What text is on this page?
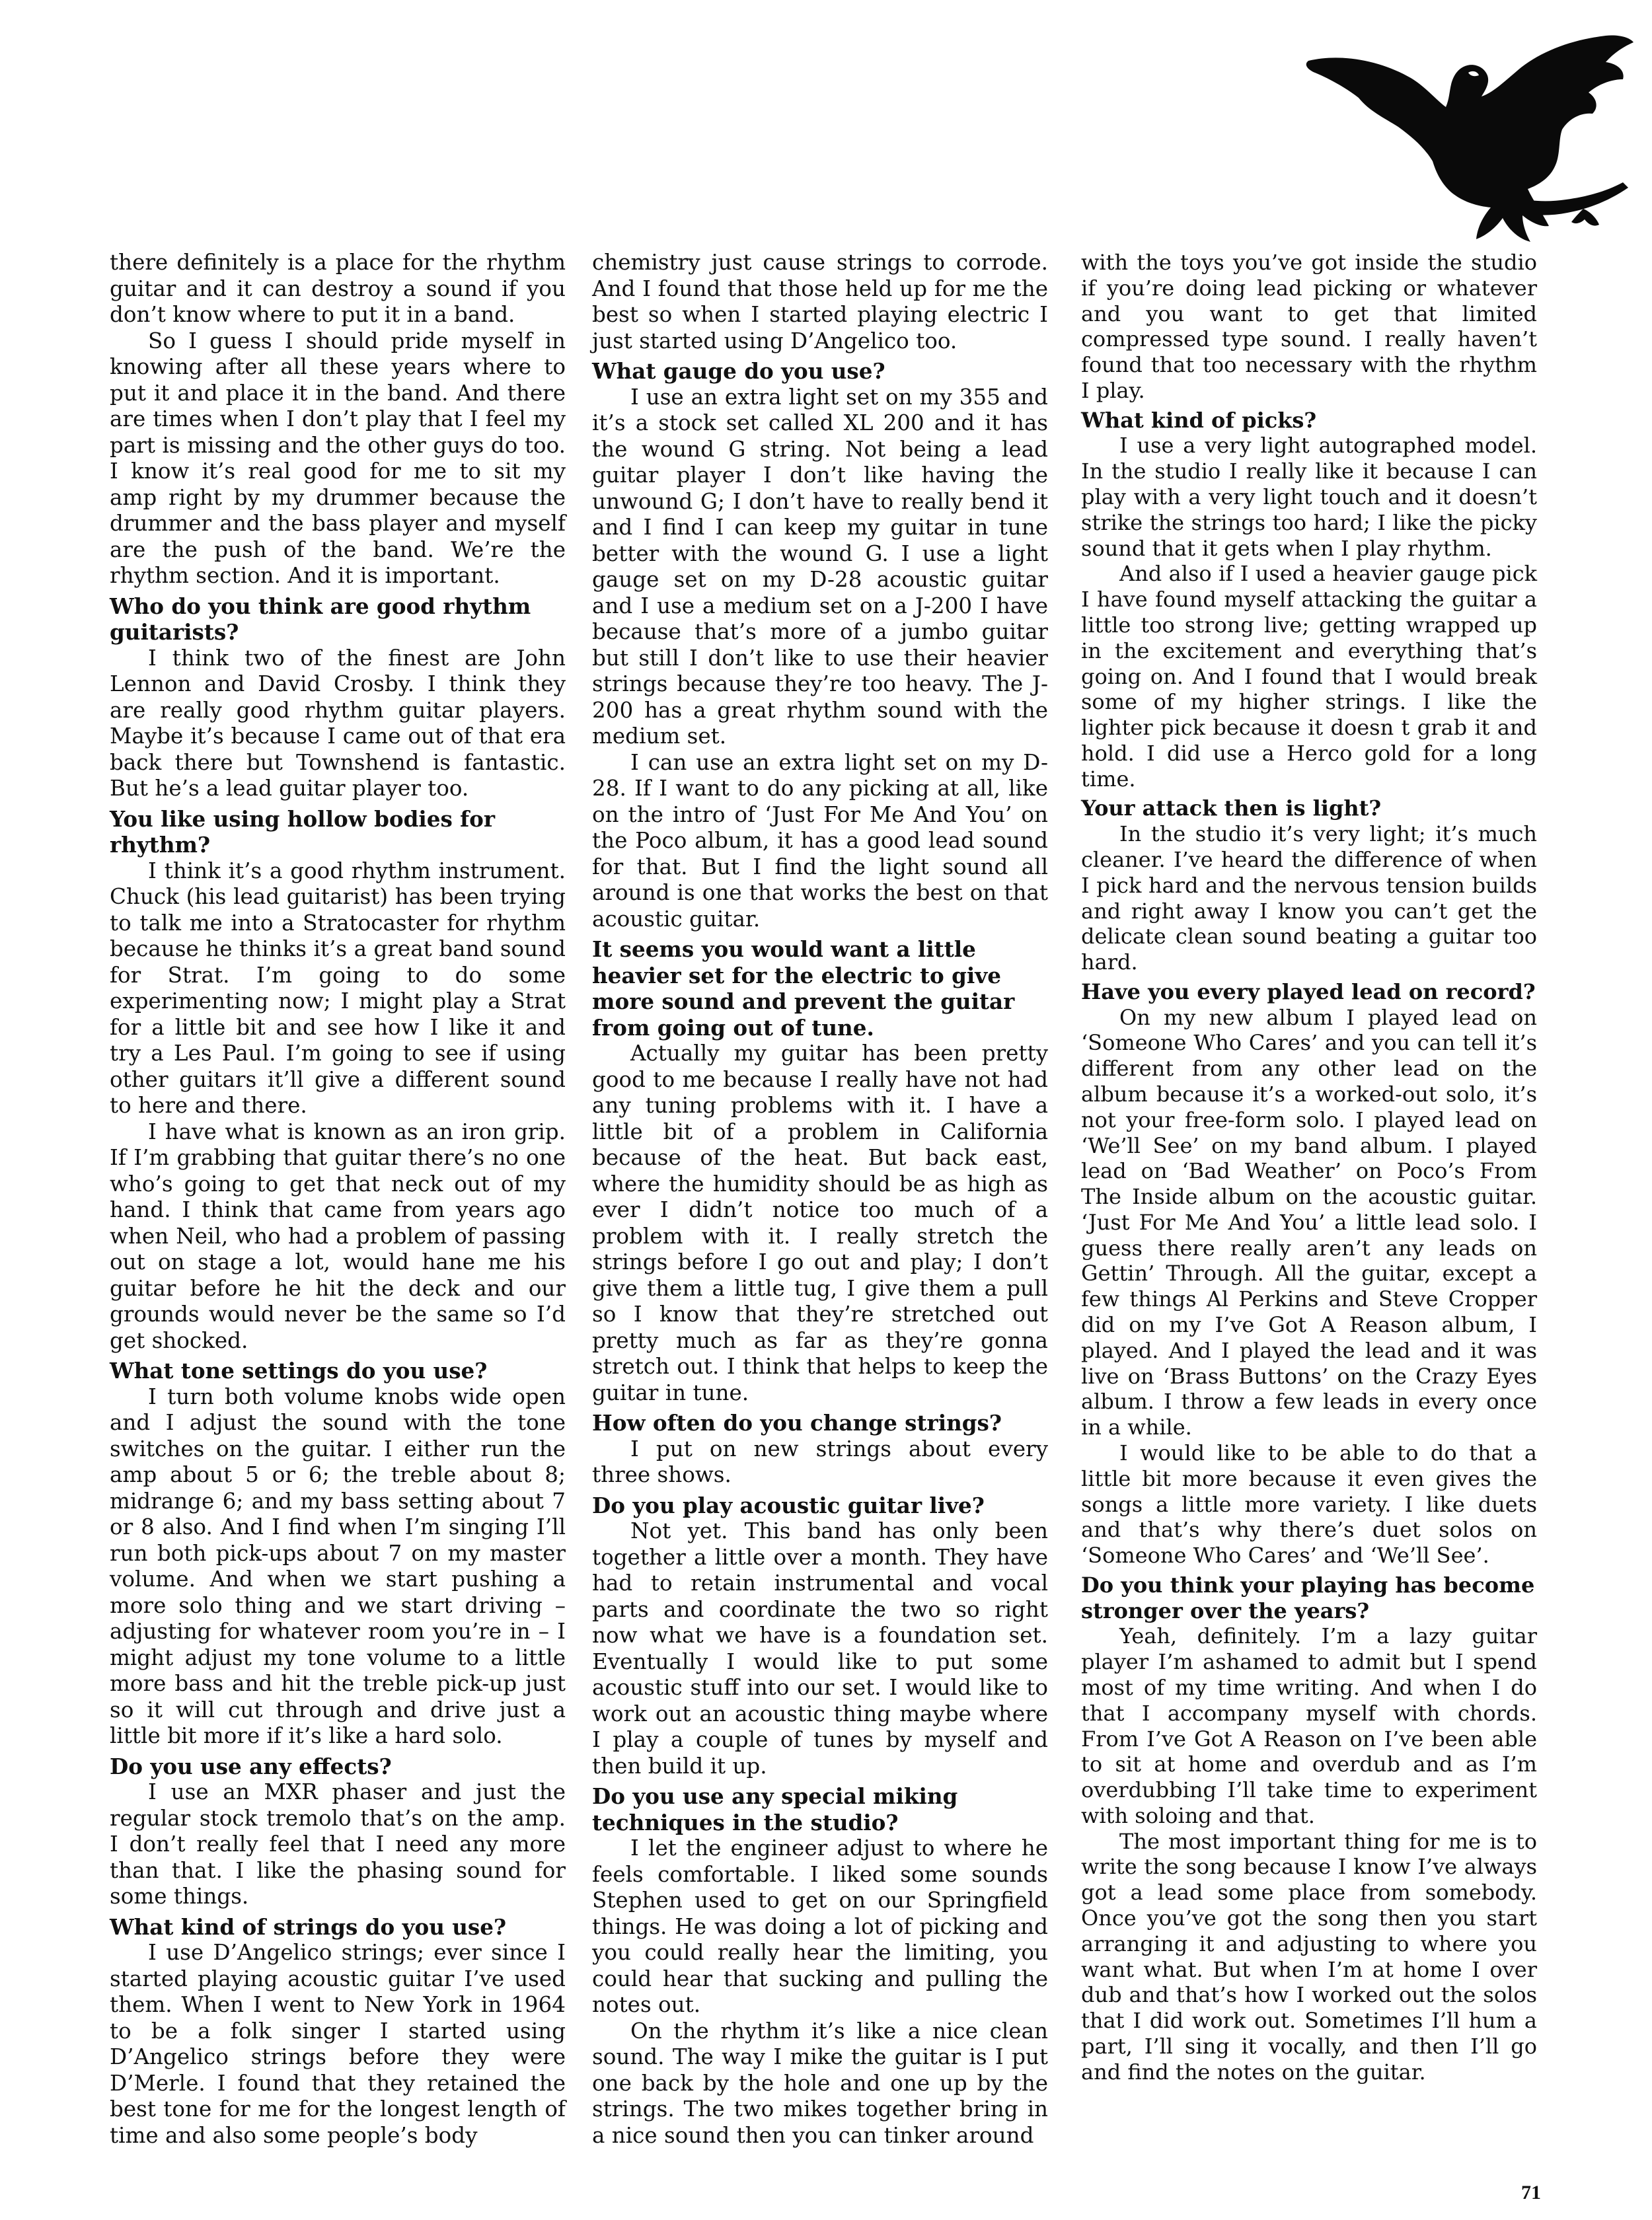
there definitely is a place for the rhythm guitar and it can destroy a sound if you don’t know where to put it in a band.

So I guess I should pride myself in knowing after all these years where to put it and place it in the band. And there are times when I don’t play that I feel my part is missing and the other guys do too. I know it’s real good for me to sit my amp right by my drummer because the drummer and the bass player and myself are the push of the band. We’re the rhythm section. And it is important.

Who do you think are good rhythm guitarists?

I think two of the finest are John Lennon and David Crosby. I think they are really good rhythm guitar players. Maybe it’s because I came out of that era back there but Townshend is fantastic. But he’s a lead guitar player too.

You like using hollow bodies for rhythm?

I think it’s a good rhythm instrument. Chuck (his lead guitarist) has been trying to talk me into a Stratocaster for rhythm because he thinks it’s a great band sound for Strat. I’m going to do some experimenting now; I might play a Strat for a little bit and see how I like it and try a Les Paul. I’m going to see if using other guitars it’ll give a different sound to here and there.

I have what is known as an iron grip. If I’m grabbing that guitar there’s no one who’s going to get that neck out of my hand. I think that came from years ago when Neil, who had a problem of passing out on stage a lot, would hane me his guitar before he hit the deck and our grounds would never be the same so I’d get shocked.

What tone settings do you use?

I turn both volume knobs wide open and I adjust the sound with the tone switches on the guitar. I either run the amp about 5 or 6; the treble about 8; midrange 6; and my bass setting about 7 or 8 also. And I find when I’m singing I’ll run both pick-ups about 7 on my master volume. And when we start pushing a more solo thing and we start driving – adjusting for whatever room you’re in – I might adjust my tone volume to a little more bass and hit the treble pick-up just so it will cut through and drive just a little bit more if it’s like a hard solo.

Do you use any effects?

I use an MXR phaser and just the regular stock tremolo that’s on the amp. I don’t really feel that I need any more than that. I like the phasing sound for some things.

What kind of strings do you use?

I use D’Angelico strings; ever since I started playing acoustic guitar I’ve used them. When I went to New York in 1964 to be a folk singer I started using D’Angelico strings before they were D’Merle. I found that they retained the best tone for me for the longest length of time and also some people’s body

chemistry just cause strings to corrode. And I found that those held up for me the best so when I started playing electric I just started using D’Angelico too.

What gauge do you use?

I use an extra light set on my 355 and it’s a stock set called XL 200 and it has the wound G string. Not being a lead guitar player I don’t like having the unwound G; I don’t have to really bend it and I find I can keep my guitar in tune better with the wound G. I use a light gauge set on my D-28 acoustic guitar and I use a medium set on a J-200 I have because that’s more of a jumbo guitar but still I don’t like to use their heavier strings because they’re too heavy. The J-200 has a great rhythm sound with the medium set.

I can use an extra light set on my D-28. If I want to do any picking at all, like on the intro of ‘Just For Me And You’ on the Poco album, it has a good lead sound for that. But I find the light sound all around is one that works the best on that acoustic guitar.

It seems you would want a little heavier set for the electric to give more sound and prevent the guitar from going out of tune.

Actually my guitar has been pretty good to me because I really have not had any tuning problems with it. I have a little bit of a problem in California because of the heat. But back east, where the humidity should be as high as ever I didn’t notice too much of a problem with it. I really stretch the strings before I go out and play; I don’t give them a little tug, I give them a pull so I know that they’re stretched out pretty much as far as they’re gonna stretch out. I think that helps to keep the guitar in tune.

How often do you change strings?

I put on new strings about every three shows.

Do you play acoustic guitar live?

Not yet. This band has only been together a little over a month. They have had to retain instrumental and vocal parts and coordinate the two so right now what we have is a foundation set. Eventually I would like to put some acoustic stuff into our set. I would like to work out an acoustic thing maybe where I play a couple of tunes by myself and then build it up.

Do you use any special miking techniques in the studio?

I let the engineer adjust to where he feels comfortable. I liked some sounds Stephen used to get on our Springfield things. He was doing a lot of picking and you could really hear the limiting, you could hear that sucking and pulling the notes out.

On the rhythm it’s like a nice clean sound. The way I mike the guitar is I put one back by the hole and one up by the strings. The two mikes together bring in a nice sound then you can tinker around

with the toys you’ve got inside the studio if you’re doing lead picking or whatever and you want to get that limited compressed type sound. I really haven’t found that too necessary with the rhythm I play.

What kind of picks?

I use a very light autographed model. In the studio I really like it because I can play with a very light touch and it doesn’t strike the strings too hard; I like the picky sound that it gets when I play rhythm.

And also if I used a heavier gauge pick I have found myself attacking the guitar a little too strong live; getting wrapped up in the excitement and everything that’s going on. And I found that I would break some of my higher strings. I like the lighter pick because it doesn t grab it and hold. I did use a Herco gold for a long time.

Your attack then is light?

In the studio it’s very light; it’s much cleaner. I’ve heard the difference of when I pick hard and the nervous tension builds and right away I know you can’t get the delicate clean sound beating a guitar too hard.

Have you every played lead on record?

On my new album I played lead on ‘Someone Who Cares’ and you can tell it’s different from any other lead on the album because it’s a worked-out solo, it’s not your free-form solo. I played lead on ‘We’ll See’ on my band album. I played lead on ‘Bad Weather’ on Poco’s From The Inside album on the acoustic guitar. ‘Just For Me And You’ a little lead solo. I guess there really aren’t any leads on Gettin’ Through. All the guitar, except a few things Al Perkins and Steve Cropper did on my I’ve Got A Reason album, I played. And I played the lead and it was live on ‘Brass Buttons’ on the Crazy Eyes album. I throw a few leads in every once in a while.

I would like to be able to do that a little bit more because it even gives the songs a little more variety. I like duets and that’s why there’s duet solos on ‘Someone Who Cares’ and ‘We’ll See’.

Do you think your playing has become stronger over the years?

Yeah, definitely. I’m a lazy guitar player I’m ashamed to admit but I spend most of my time writing. And when I do that I accompany myself with chords. From I’ve Got A Reason on I’ve been able to sit at home and overdub and as I’m overdubbing I’ll take time to experiment with soloing and that.

The most important thing for me is to write the song because I know I’ve always got a lead some place from somebody. Once you’ve got the song then you start arranging it and adjusting to where you want what. But when I’m at home I over dub and that’s how I worked out the solos that I did work out. Sometimes I’ll hum a part, I’ll sing it vocally, and then I’ll go and find the notes on the guitar.

71
